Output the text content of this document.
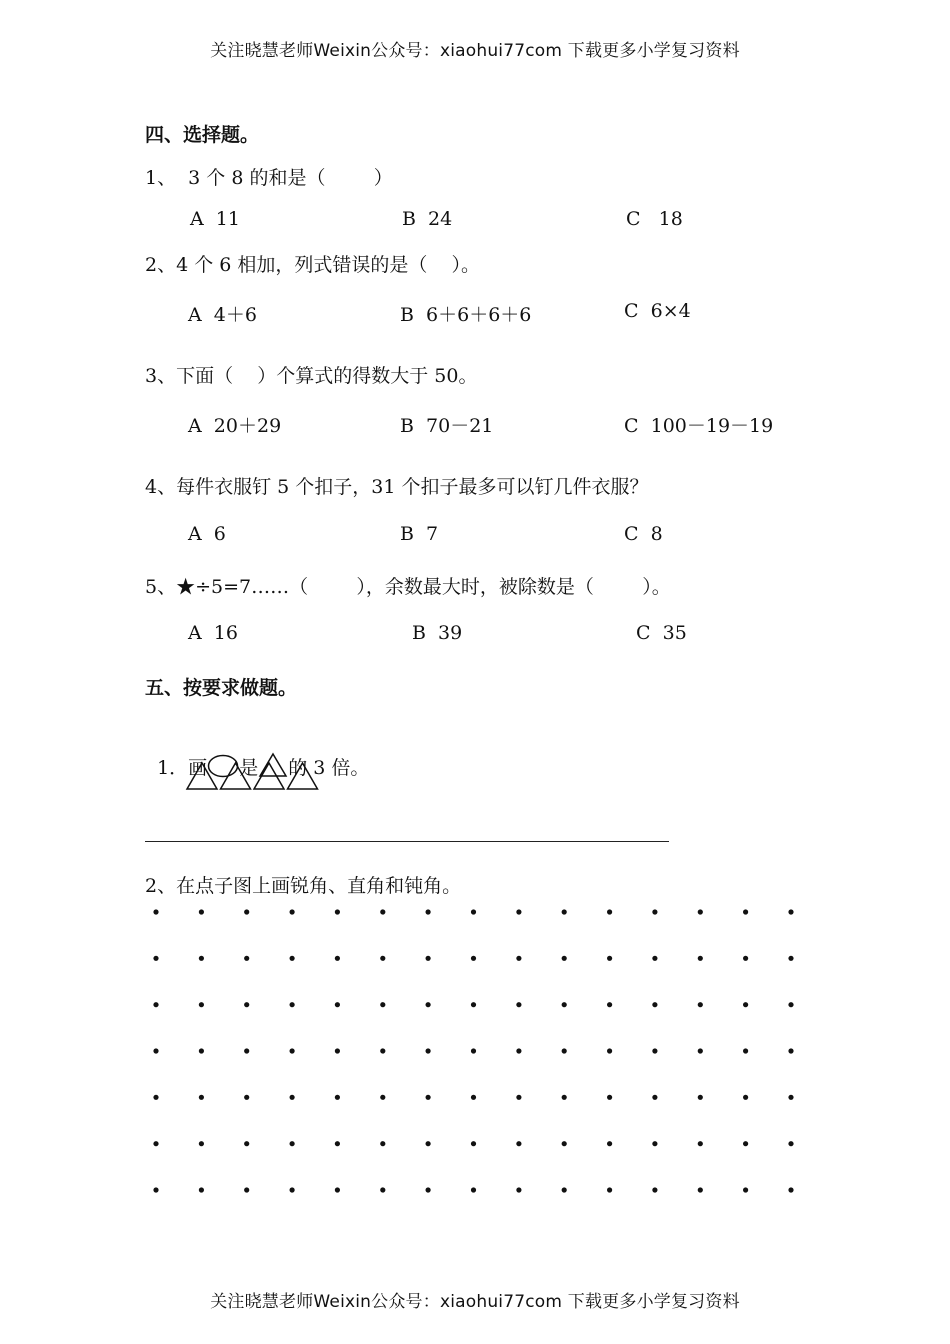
关注晓慧老师Weixin公众号：xiaohui77com 下载更多小学复习资料
四、选择题。
1、  3 个 8 的和是（        ）
A  11	B  24	C   18
2、4 个 6 相加，列式错误的是（    ）。
A  4＋6	B  6＋6＋6＋6	C  6×4
3、下面（    ）个算式的得数大于 50。
A  20＋29	B  70－21	C  100－19－19
4、每件衣服钉 5 个扣子，31 个扣子最多可以钉几件衣服？
A  6	B  7	C  8
5、★÷5=7……（        ），余数最大时，被除数是（        ）。
A  16	B  39	C  35
五、按要求做题。

1．画 是 的 3 倍。

2、在点子图上画锐角、直角和钝角。
关注晓慧老师Weixin公众号：xiaohui77com 下载更多小学复习资料
